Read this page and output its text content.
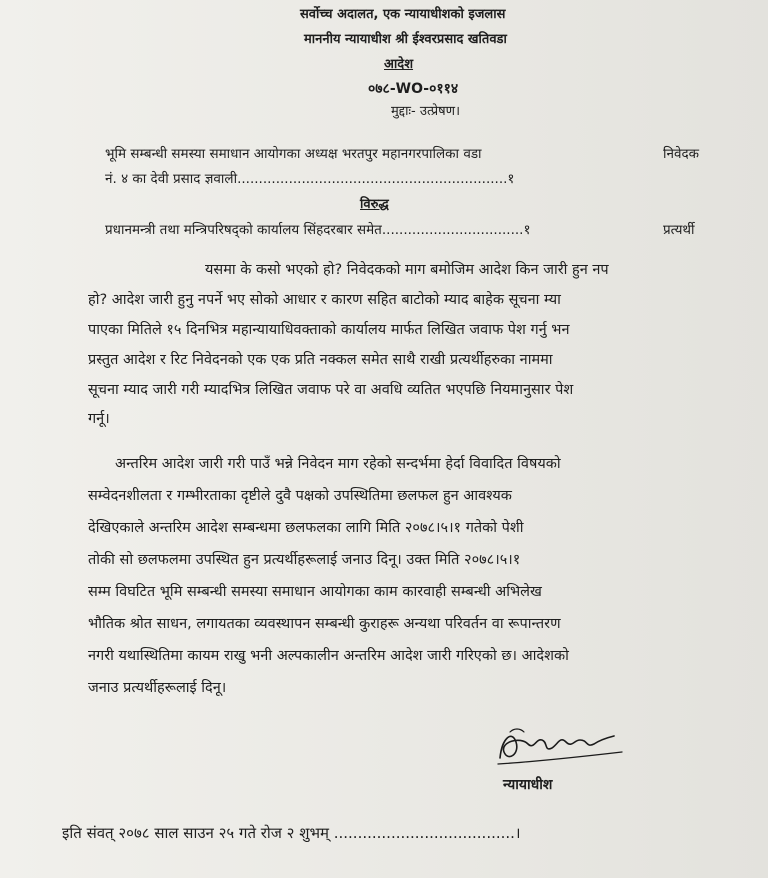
सर्वोच्च अदालत, एक न्यायाधीशको इजलास
माननीय न्यायाधीश श्री ईश्वरप्रसाद खतिवडा
आदेश
०७८-WO-०११४
मुद्दाः- उत्प्रेषण।
भूमि सम्बन्धी समस्या समाधान आयोगका अध्यक्ष भरतपुर महानगरपालिका वडा
नं. ४ का देवी प्रसाद ज्ञवाली...............................................................१
निवेदक
विरुद्ध
प्रधानमन्त्री तथा मन्त्रिपरिषद्को कार्यालय सिंहदरबार समेत.................................१	प्रत्यर्थी
यसमा के कसो भएको हो? निवेदकको माग बमोजिम आदेश किन जारी हुन नप
हो? आदेश जारी हुनु नपर्ने भए सोको आधार र कारण सहित बाटोको म्याद बाहेक सूचना म्या
पाएका मितिले १५ दिनभित्र महान्यायाधिवक्ताको कार्यालय मार्फत लिखित जवाफ पेश गर्नु भन
प्रस्तुत आदेश र रिट निवेदनको एक एक प्रति नक्कल समेत साथै राखी प्रत्यर्थीहरुका नाममा
सूचना म्याद जारी गरी म्यादभित्र लिखित जवाफ परे वा अवधि व्यतित भएपछि नियमानुसार पेश
गर्नू।
अन्तरिम आदेश जारी गरी पाउँ भन्ने निवेदन माग रहेको सन्दर्भमा हेर्दा विवादित विषयको
सम्वेदनशीलता र गम्भीरताका दृष्टीले दुवै पक्षको उपस्थितिमा छलफल हुन आवश्यक
देखिएकाले अन्तरिम आदेश सम्बन्धमा छलफलका लागि मिति २०७८।५।१ गतेको पेशी
तोकी सो छलफलमा उपस्थित हुन प्रत्यर्थीहरूलाई जनाउ दिनू। उक्त मिति २०७८।५।१
सम्म विघटित भूमि सम्बन्धी समस्या समाधान आयोगका काम कारवाही सम्बन्धी अभिलेख
भौतिक श्रोत साधन, लगायतका व्यवस्थापन सम्बन्धी कुराहरू अन्यथा परिवर्तन वा रूपान्तरण
नगरी यथास्थितिमा कायम राखु भनी अल्पकालीन अन्तरिम आदेश जारी गरिएको छ। आदेशको
जनाउ प्रत्यर्थीहरूलाई दिनू।
न्यायाधीश
इति संवत् २०७८ साल साउन २५ गते रोज २ शुभम् ......................................।
